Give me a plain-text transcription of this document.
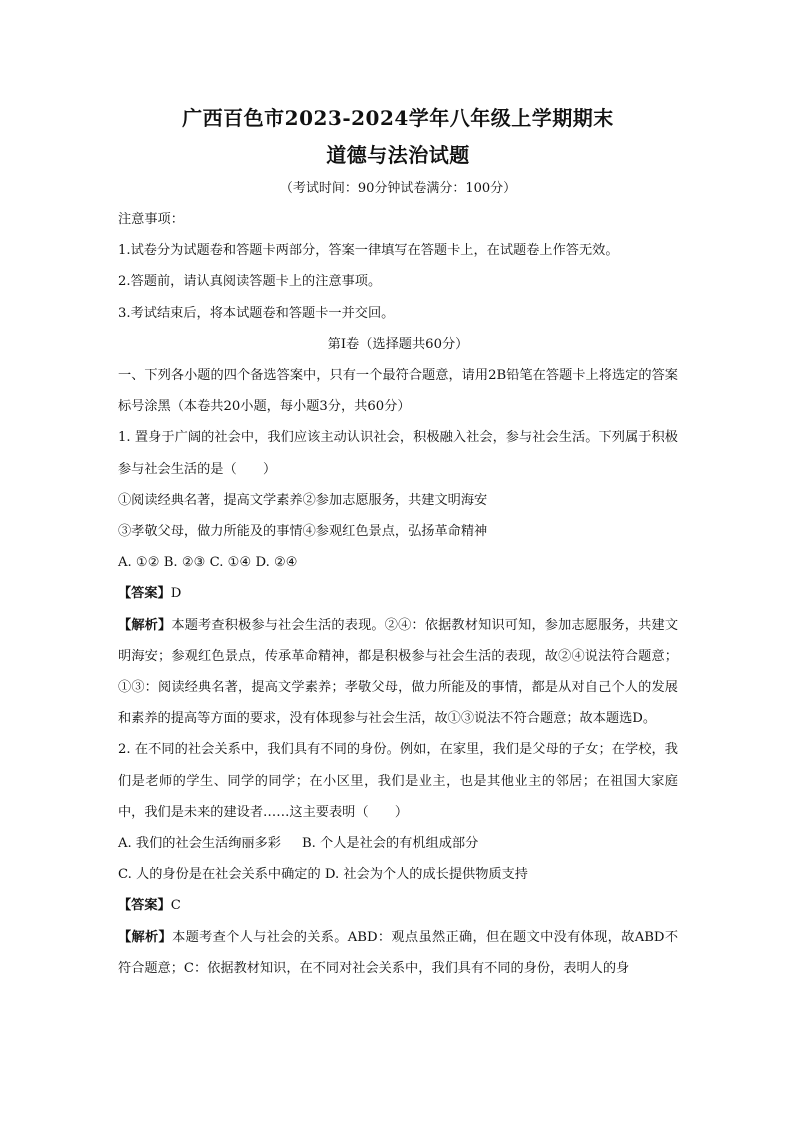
广西百色市2023-2024学年八年级上学期期末

道德与法治试题

（考试时间：90分钟试卷满分：100分）

注意事项：

1.试卷分为试题卷和答题卡两部分，答案一律填写在答题卡上，在试题卷上作答无效。

2.答题前，请认真阅读答题卡上的注意事项。

3.考试结束后，将本试题卷和答题卡一并交回。

第Ⅰ卷（选择题共60分）

一、下列各小题的四个备选答案中，只有一个最符合题意，请用2B铅笔在答题卡上将选定的答案标号涂黑（本卷共20小题，每小题3分，共60分）

1. 置身于广阔的社会中，我们应该主动认识社会，积极融入社会，参与社会生活。下列属于积极参与社会生活的是（　　）

①阅读经典名著，提高文学素养②参加志愿服务，共建文明海安

③孝敬父母，做力所能及的事情④参观红色景点，弘扬革命精神

A. ①② B. ②③ C. ①④ D. ②④

【答案】D

【解析】本题考查积极参与社会生活的表现。②④：依据教材知识可知，参加志愿服务，共建文明海安；参观红色景点，传承革命精神，都是积极参与社会生活的表现，故②④说法符合题意；①③：阅读经典名著，提高文学素养；孝敬父母，做力所能及的事情，都是从对自己个人的发展和素养的提高等方面的要求，没有体现参与社会生活，故①③说法不符合题意；故本题选D。

2. 在不同的社会关系中，我们具有不同的身份。例如，在家里，我们是父母的子女；在学校，我们是老师的学生、同学的同学；在小区里，我们是业主，也是其他业主的邻居；在祖国大家庭中，我们是未来的建设者……这主要表明（　　）

A. 我们的社会生活绚丽多彩 B. 个人是社会的有机组成部分

C. 人的身份是在社会关系中确定的 D. 社会为个人的成长提供物质支持

【答案】C

【解析】本题考查个人与社会的关系。ABD：观点虽然正确，但在题文中没有体现，故ABD不符合题意；C：依据教材知识，在不同对社会关系中，我们具有不同的身份，表明人的身
